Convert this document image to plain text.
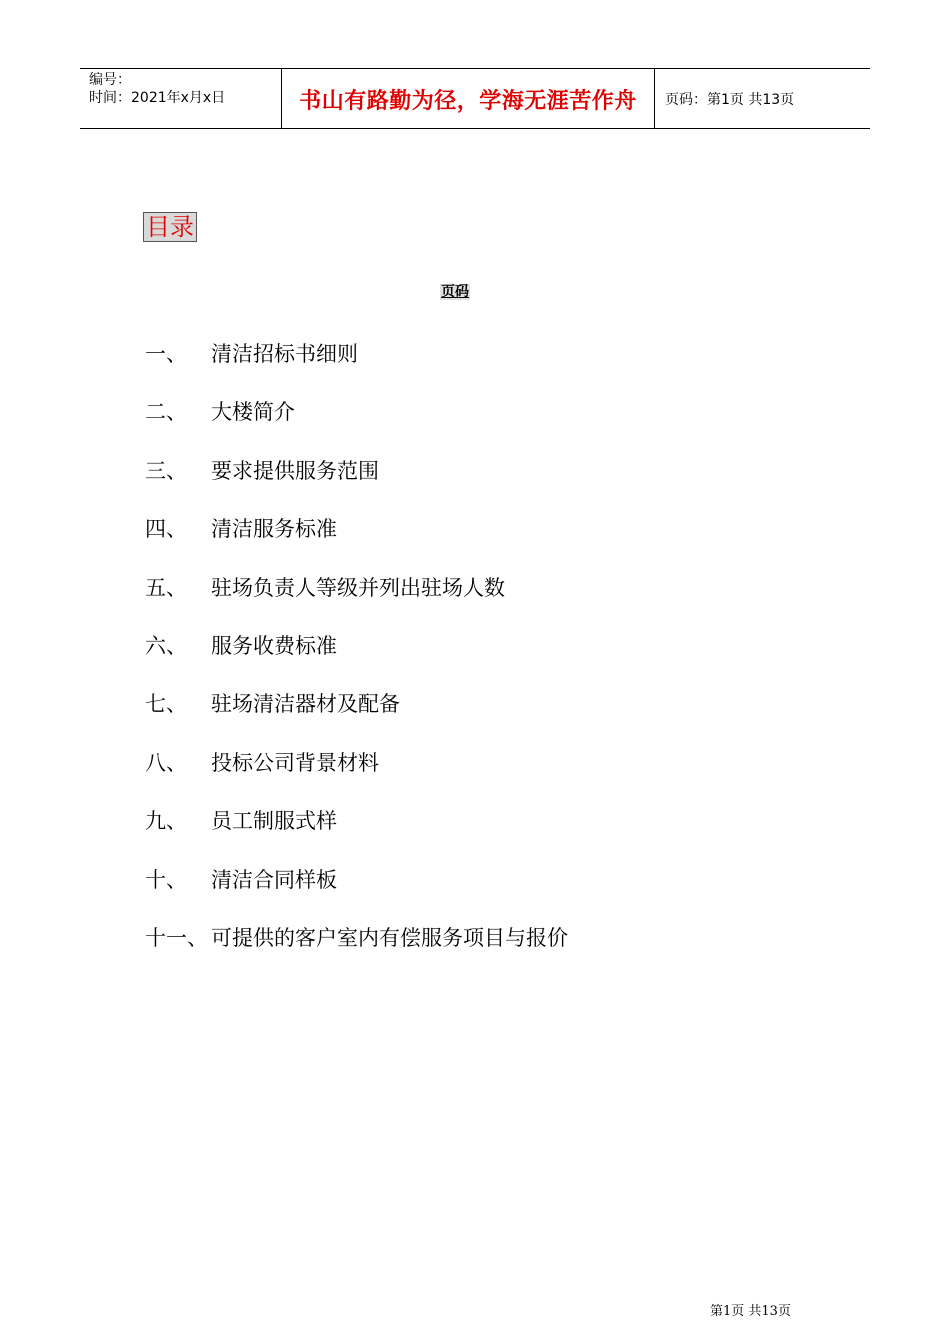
编号：
时间：2021年x月x日	书山有路勤为径，学海无涯苦作舟 页码：第1页 共13页
目录
页码
一、	清洁招标书细则
二、	大楼简介
三、	要求提供服务范围
四、	清洁服务标准
五、	驻场负责人等级并列出驻场人数
六、	服务收费标准
七、	驻场清洁器材及配备
八、	投标公司背景材料
九、	员工制服式样
十、	清洁合同样板
十一、 可提供的客户室内有偿服务项目与报价
第1页 共13页
